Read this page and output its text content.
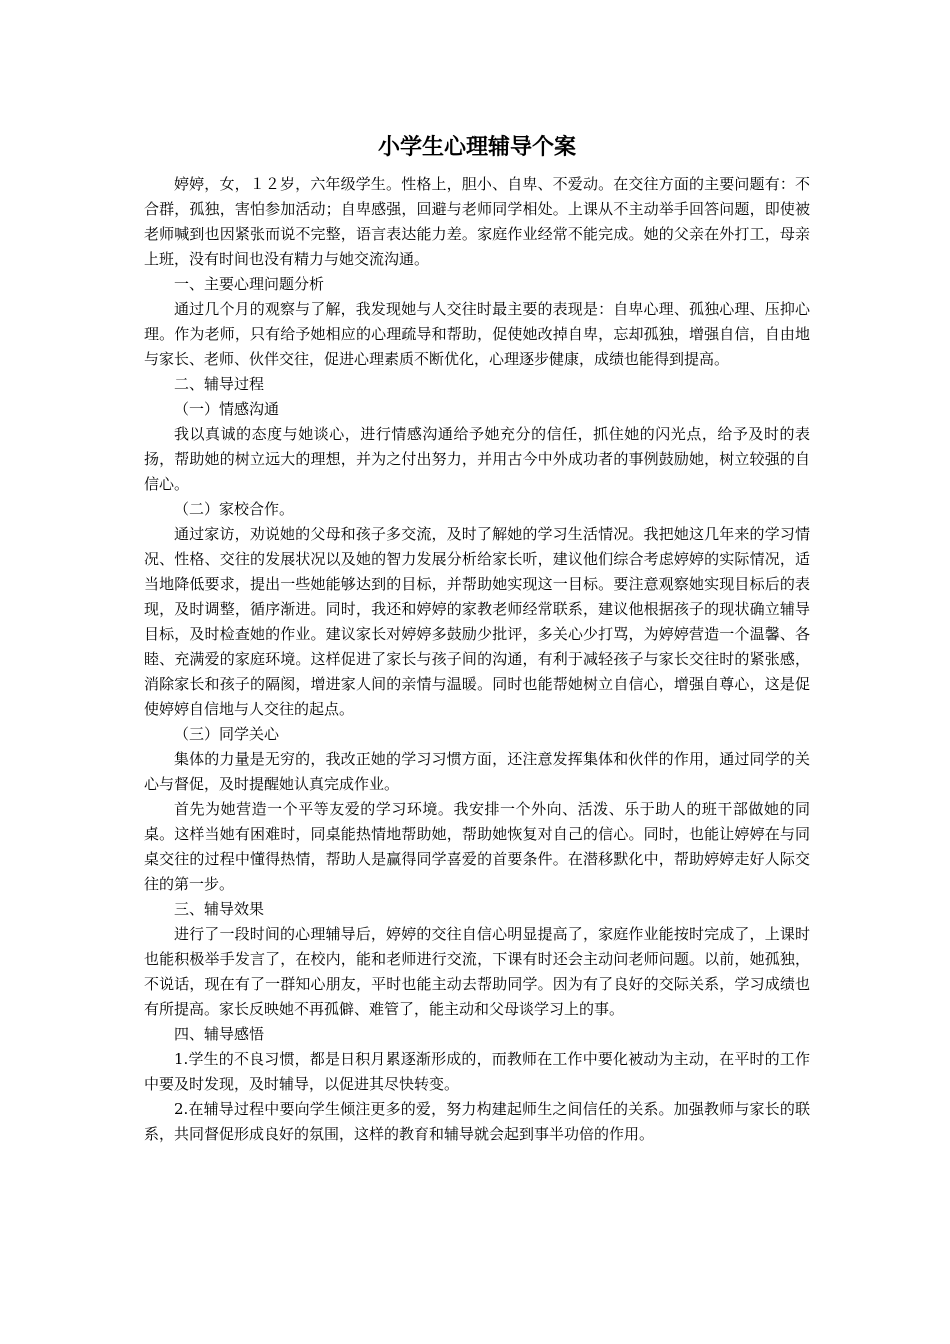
小学生心理辅导个案

婷婷，女，１２岁，六年级学生。性格上，胆小、自卑、不爱动。在交往方面的主要问题有：不合群，孤独，害怕参加活动；自卑感强，回避与老师同学相处。上课从不主动举手回答问题，即使被老师喊到也因紧张而说不完整，语言表达能力差。家庭作业经常不能完成。她的父亲在外打工，母亲上班，没有时间也没有精力与她交流沟通。

一、主要心理问题分析

通过几个月的观察与了解，我发现她与人交往时最主要的表现是：自卑心理、孤独心理、压抑心理。作为老师，只有给予她相应的心理疏导和帮助，促使她改掉自卑，忘却孤独，增强自信，自由地与家长、老师、伙伴交往，促进心理素质不断优化，心理逐步健康，成绩也能得到提高。

二、辅导过程

（一）情感沟通

我以真诚的态度与她谈心，进行情感沟通给予她充分的信任，抓住她的闪光点，给予及时的表扬，帮助她的树立远大的理想，并为之付出努力，并用古今中外成功者的事例鼓励她，树立较强的自信心。

（二）家校合作。

通过家访，劝说她的父母和孩子多交流，及时了解她的学习生活情况。我把她这几年来的学习情况、性格、交往的发展状况以及她的智力发展分析给家长听，建议他们综合考虑婷婷的实际情况，适当地降低要求，提出一些她能够达到的目标，并帮助她实现这一目标。要注意观察她实现目标后的表现，及时调整，循序渐进。同时，我还和婷婷的家教老师经常联系，建议他根据孩子的现状确立辅导目标，及时检查她的作业。建议家长对婷婷多鼓励少批评，多关心少打骂，为婷婷营造一个温馨、各睦、充满爱的家庭环境。这样促进了家长与孩子间的沟通，有利于减轻孩子与家长交往时的紧张感，消除家长和孩子的隔阂，增进家人间的亲情与温暖。同时也能帮她树立自信心，增强自尊心，这是促使婷婷自信地与人交往的起点。

（三）同学关心

集体的力量是无穷的，我改正她的学习习惯方面，还注意发挥集体和伙伴的作用，通过同学的关心与督促，及时提醒她认真完成作业。

首先为她营造一个平等友爱的学习环境。我安排一个外向、活泼、乐于助人的班干部做她的同桌。这样当她有困难时，同桌能热情地帮助她，帮助她恢复对自己的信心。同时，也能让婷婷在与同桌交往的过程中懂得热情，帮助人是赢得同学喜爱的首要条件。在潜移默化中，帮助婷婷走好人际交往的第一步。

三、辅导效果

进行了一段时间的心理辅导后，婷婷的交往自信心明显提高了，家庭作业能按时完成了，上课时也能积极举手发言了，在校内，能和老师进行交流，下课有时还会主动问老师问题。以前，她孤独，不说话，现在有了一群知心朋友，平时也能主动去帮助同学。因为有了良好的交际关系，学习成绩也有所提高。家长反映她不再孤僻、难管了，能主动和父母谈学习上的事。

四、辅导感悟

1.学生的不良习惯，都是日积月累逐渐形成的，而教师在工作中要化被动为主动，在平时的工作中要及时发现，及时辅导，以促进其尽快转变。

2.在辅导过程中要向学生倾注更多的爱，努力构建起师生之间信任的关系。加强教师与家长的联系，共同督促形成良好的氛围，这样的教育和辅导就会起到事半功倍的作用。
